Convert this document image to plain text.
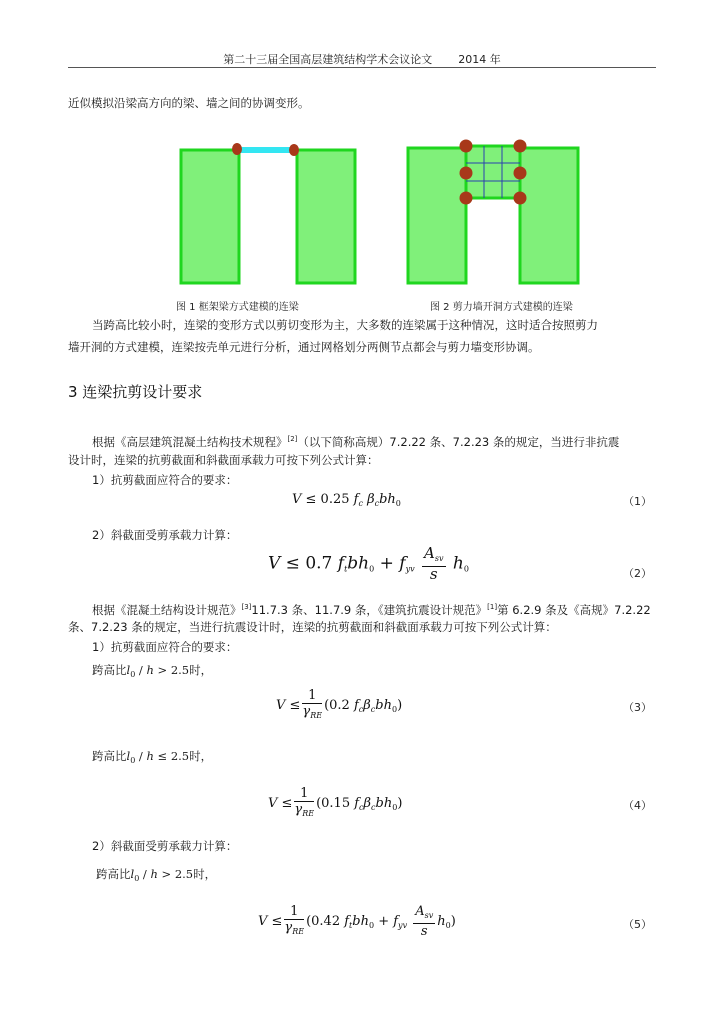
第二十三届全国高层建筑结构学术会议论文 2014 年
近似模拟沿梁高方向的梁、墙之间的协调变形。
图 1 框架梁方式建模的连梁	图 2 剪力墙开洞方式建模的连梁
当跨高比较小时，连梁的变形方式以剪切变形为主，大多数的连梁属于这种情况，这时适合按照剪力
墙开洞的方式建模，连梁按壳单元进行分析，通过网格划分两侧节点都会与剪力墙变形协调。
3 连梁抗剪设计要求
根据《高层建筑混凝土结构技术规程》[2]（以下简称高规）7.2.22 条、7.2.23 条的规定，当进行非抗震
设计时，连梁的抗剪截面和斜截面承载力可按下列公式计算：
1）抗剪截面应符合的要求：
V ≤ 0.25 $f_c$ $\beta_cbh_0$	（1）
2）斜截面受剪承载力计算：
V ≤ 0.7 $f_tbh_0 + f_{yv} \frac{A_{sv}}{s} h_0$	（2）
根据《混凝土结构设计规范》[3]11.7.3 条、11.7.9 条，《建筑抗震设计规范》[1]第 6.2.9 条及《高规》7.2.22
条、7.2.23 条的规定，当进行抗震设计时，连梁的抗剪截面和斜截面承载力可按下列公式计算：
1）抗剪截面应符合的要求：
跨高比$l_0 / h > 2.5$时，
$V \le \frac{1}{\gamma_{RE}} (0.2$ $f_c\beta_cbh_0$)	（3）
跨高比$l_0 / h \le 2.5$时，
$V \le \frac{1}{\gamma_{RE}} (0.15$ $f_c\beta_cbh_0$)	（4）
2）斜截面受剪承载力计算：
跨高比$l_0 / h > 2.5$时，
$V \le \frac{1}{\gamma_{RE}} (0.42$ $f_tbh_0 + f_{yv} \frac{A_{sv}}{s} h_0$)	（5）
